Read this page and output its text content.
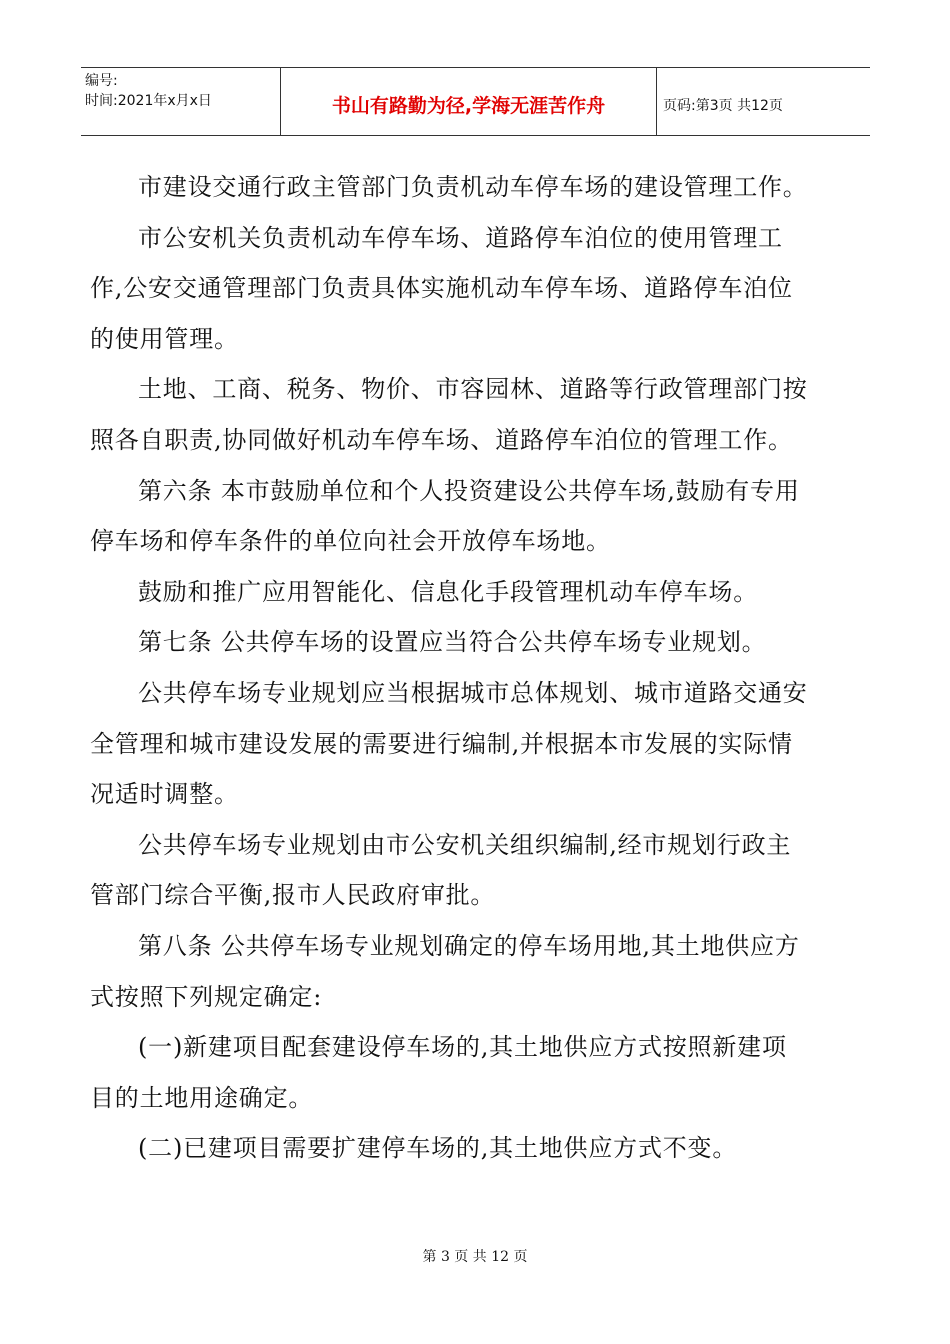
编号:
时间:2021年x月x日	书山有路勤为径,学海无涯苦作舟	页码:第3页 共12页

市建设交通行政主管部门负责机动车停车场的建设管理工作。

市公安机关负责机动车停车场、道路停车泊位的使用管理工作,公安交通管理部门负责具体实施机动车停车场、道路停车泊位的使用管理。

土地、工商、税务、物价、市容园林、道路等行政管理部门按照各自职责,协同做好机动车停车场、道路停车泊位的管理工作。

第六条 本市鼓励单位和个人投资建设公共停车场,鼓励有专用停车场和停车条件的单位向社会开放停车场地。

鼓励和推广应用智能化、信息化手段管理机动车停车场。

第七条 公共停车场的设置应当符合公共停车场专业规划。

公共停车场专业规划应当根据城市总体规划、城市道路交通安全管理和城市建设发展的需要进行编制,并根据本市发展的实际情况适时调整。

公共停车场专业规划由市公安机关组织编制,经市规划行政主管部门综合平衡,报市人民政府审批。

第八条 公共停车场专业规划确定的停车场用地,其土地供应方式按照下列规定确定:

(一)新建项目配套建设停车场的,其土地供应方式按照新建项目的土地用途确定。

(二)已建项目需要扩建停车场的,其土地供应方式不变。

第 3 页 共 12 页
